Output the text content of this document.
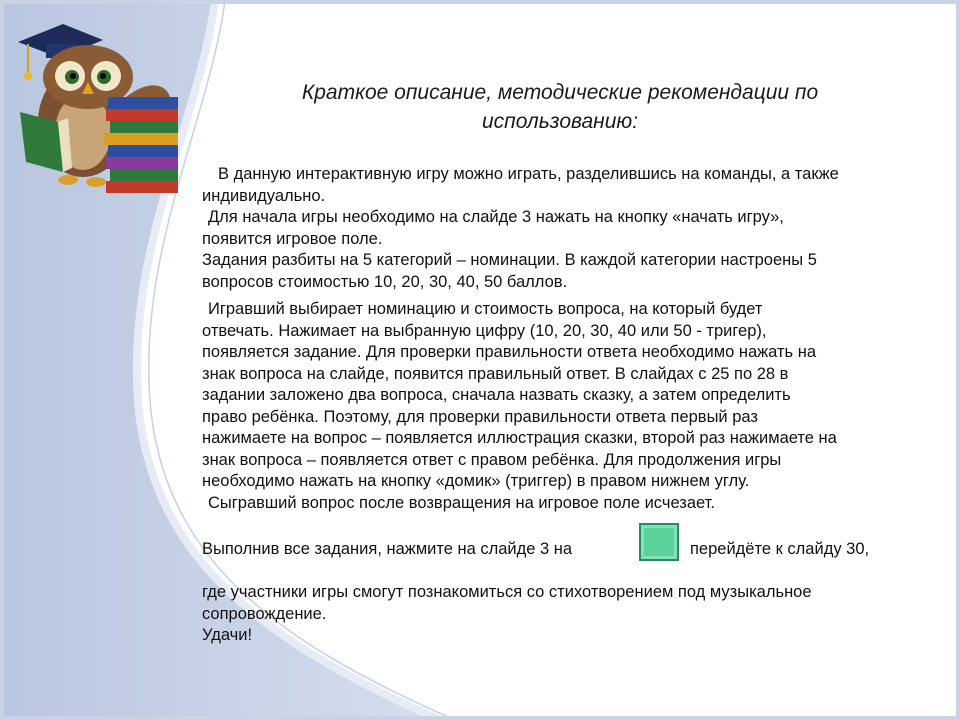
Краткое описание, методические рекомендации по
использованию:

В данную интерактивную игру можно играть, разделившись на команды, а также

индивидуально.

Для начала игры необходимо на слайде 3 нажать на кнопку «начать игру»,

появится игровое поле.

Задания разбиты на 5 категорий – номинации. В каждой категории настроены 5

вопросов стоимостью 10, 20, 30, 40, 50 баллов.

Игравший выбирает номинацию и стоимость вопроса, на который будет

отвечать. Нажимает на выбранную цифру (10, 20, 30, 40 или 50 - тригер),

появляется задание. Для проверки правильности ответа необходимо нажать на

знак вопроса на слайде, появится правильный ответ. В слайдах с 25 по 28 в

задании заложено два вопроса, сначала назвать сказку, а затем определить

право ребёнка. Поэтому, для проверки правильности ответа первый раз

нажимаете на вопрос – появляется иллюстрация сказки, второй раз нажимаете на

знак вопроса – появляется ответ с правом ребёнка. Для продолжения игры

необходимо нажать на кнопку «домик» (триггер) в правом нижнем углу.

Сыгравший вопрос после возвращения на игровое поле исчезает.

Выполнив все задания, нажмите на слайде 3 на	перейдёте к слайду 30,

где участники игры смогут познакомиться со стихотворением под музыкальное

сопровождение.

Удачи!
